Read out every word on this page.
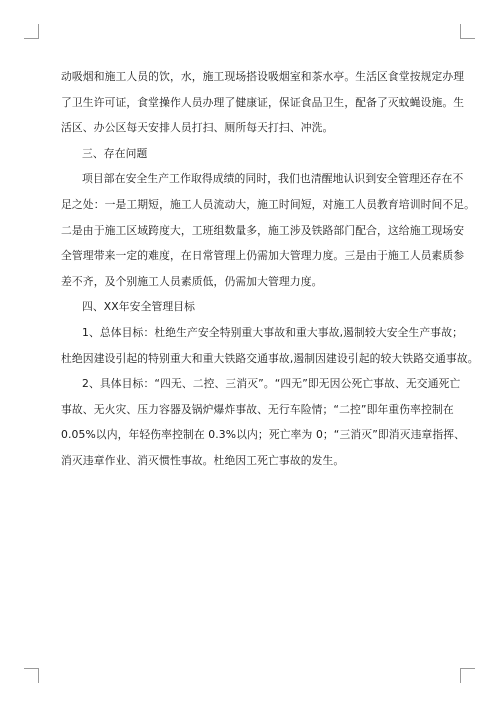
动吸烟和施工人员的饮，水，施工现场搭设吸烟室和茶水亭。生活区食堂按规定办理

了卫生许可证，食堂操作人员办理了健康证，保证食品卫生，配备了灭蚊蝇设施。生

活区、办公区每天安排人员打扫、厕所每天打扫、冲洗。

三、存在问题

项目部在安全生产工作取得成绩的同时，我们也清醒地认识到安全管理还存在不

足之处：一是工期短，施工人员流动大，施工时间短，对施工人员教育培训时间不足。

二是由于施工区域跨度大，工班组数量多，施工涉及铁路部门配合，这给施工现场安

全管理带来一定的难度，在日常管理上仍需加大管理力度。三是由于施工人员素质参

差不齐，及个别施工人员素质低，仍需加大管理力度。

四、XX年安全管理目标

1、总体目标：杜绝生产安全特别重大事故和重大事故,遏制较大安全生产事故；

杜绝因建设引起的特别重大和重大铁路交通事故,遏制因建设引起的较大铁路交通事故。

2、具体目标：“四无、二控、三消灭”。“四无”即无因公死亡事故、无交通死亡

事故、无火灾、压力容器及锅炉爆炸事故、无行车险情；“二控”即年重伤率控制在

0.05%以内，年轻伤率控制在 0.3%以内；死亡率为 0；“三消灭”即消灭违章指挥、

消灭违章作业、消灭惯性事故。杜绝因工死亡事故的发生。
